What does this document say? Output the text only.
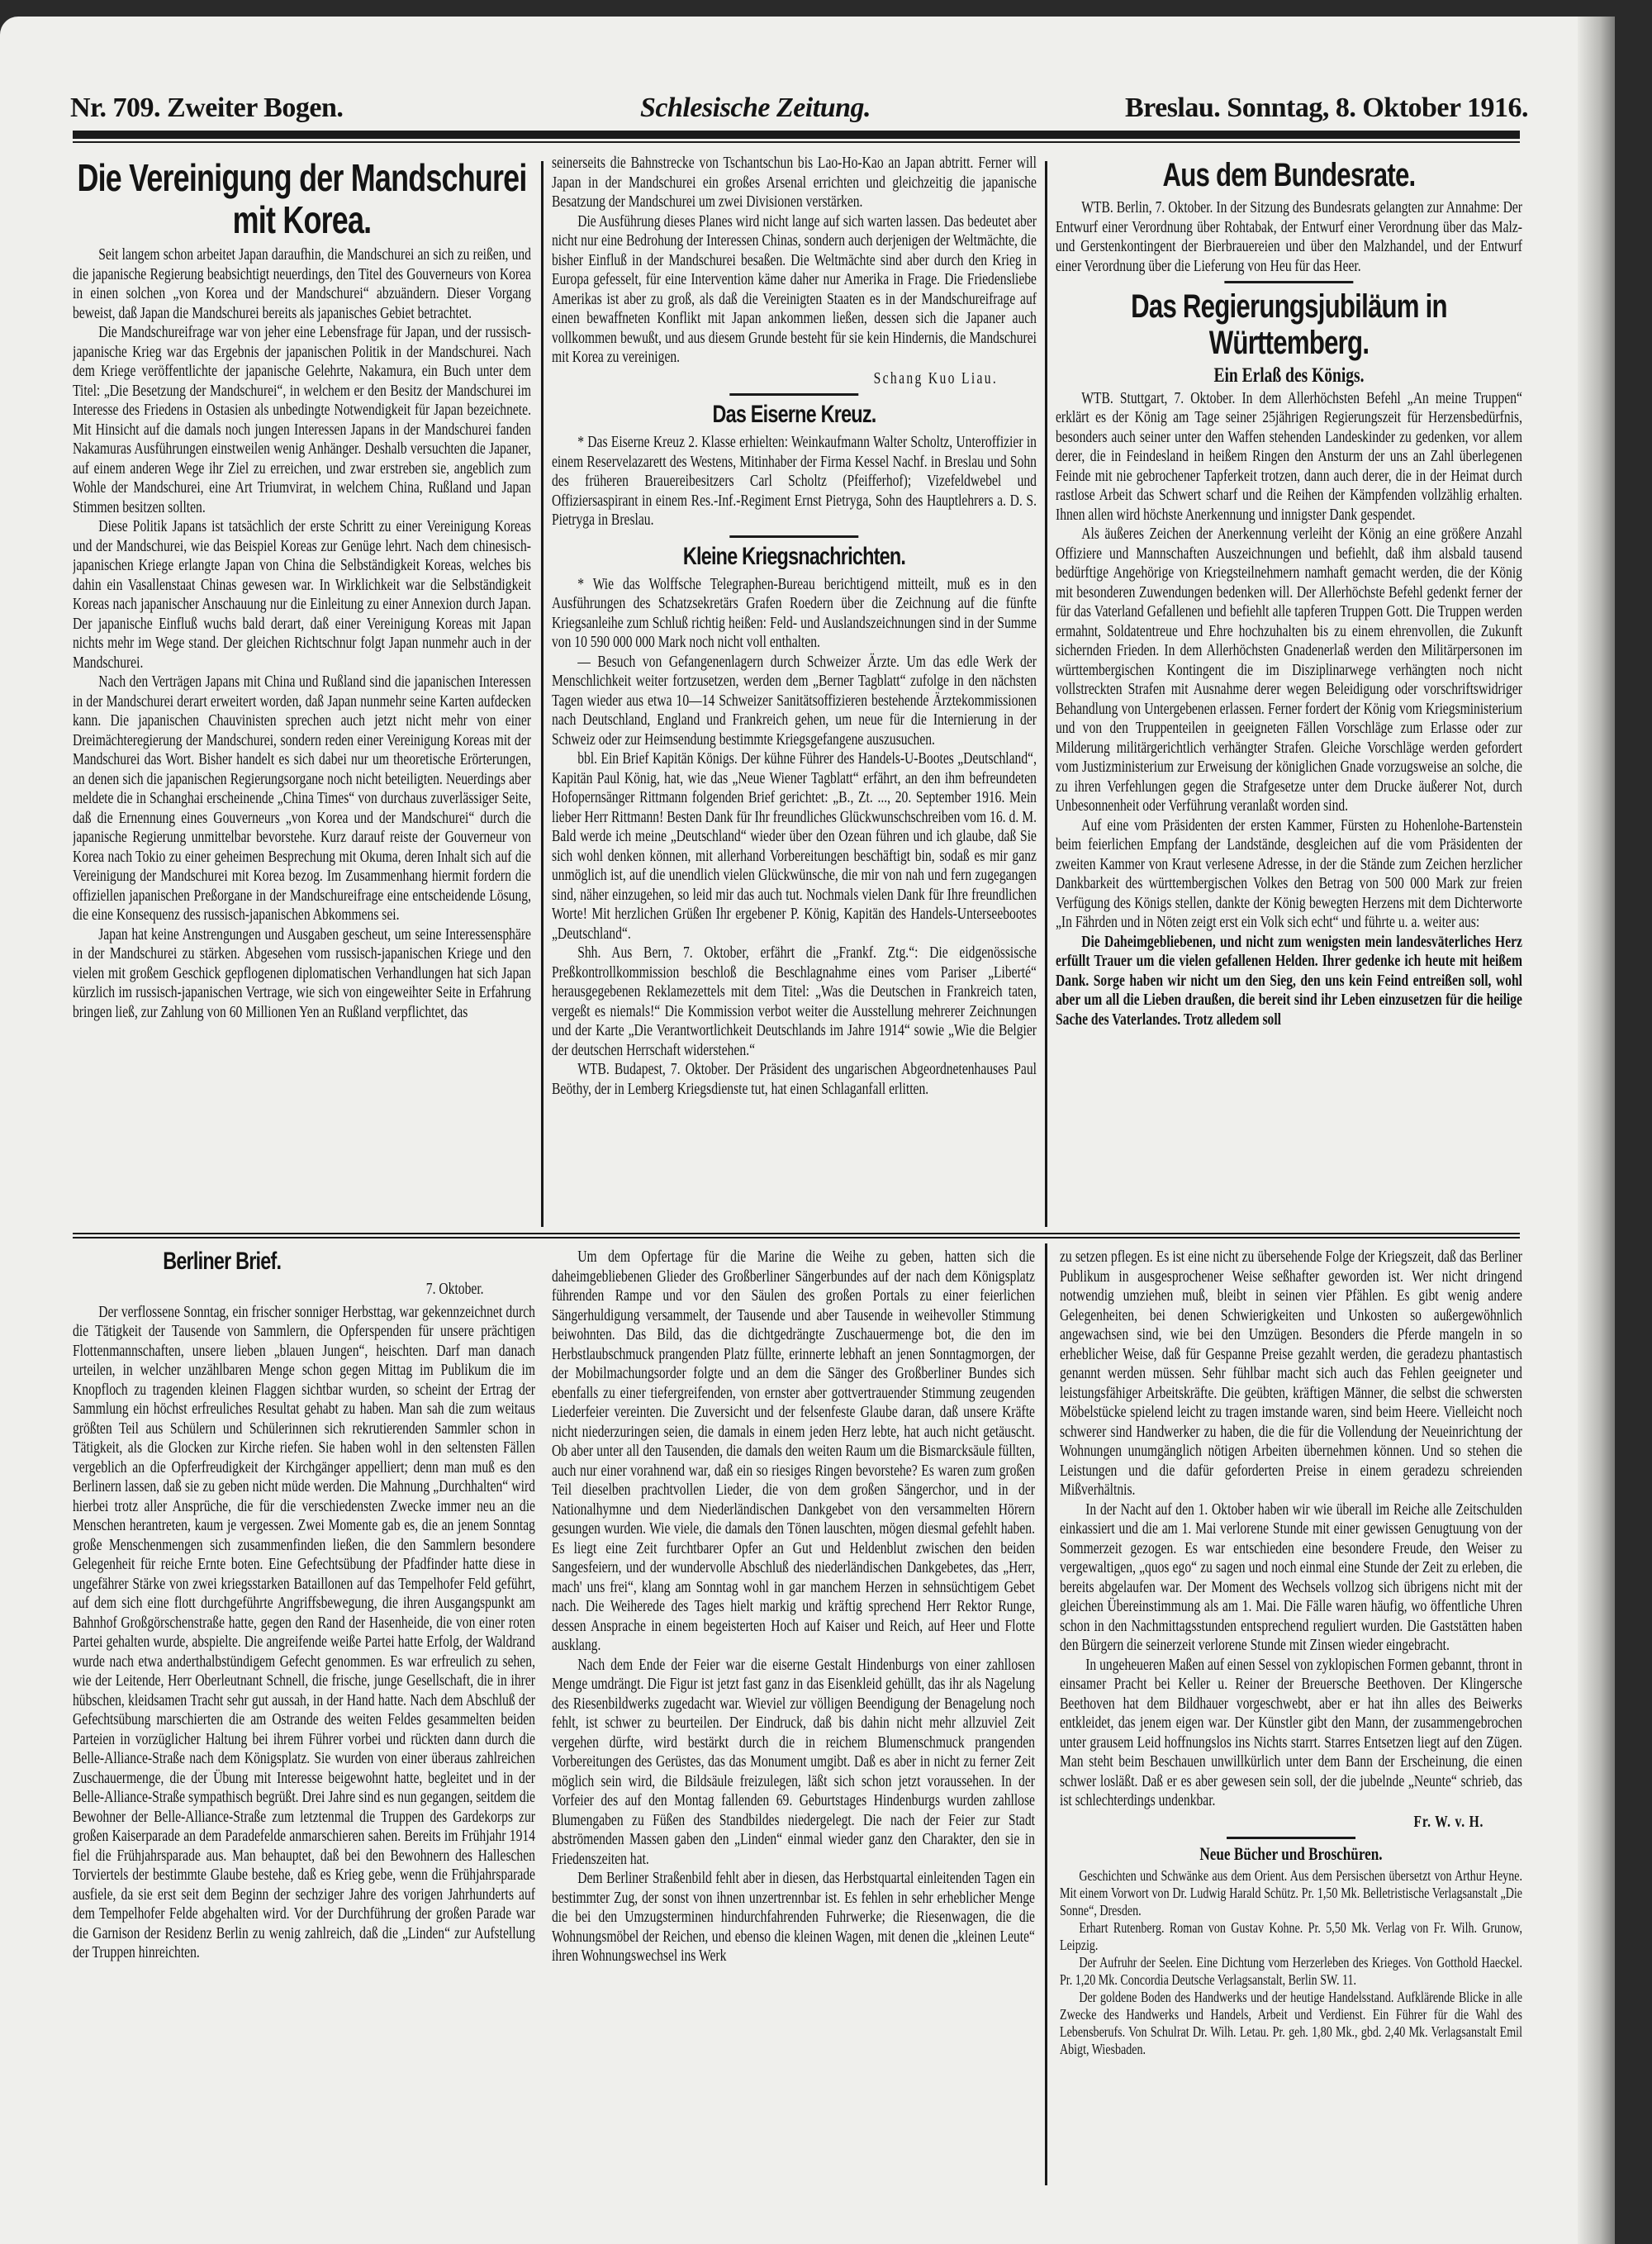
Nr. 709. Zweiter Bogen.	Schlesische Zeitung.	Breslau. Sonntag, 8. Oktober 1916.
Die Vereinigung der Mandschurei mit Korea.

Seit langem schon arbeitet Japan daraufhin, die Mandschurei an sich zu reißen, und die japanische Regierung beabsichtigt neuerdings, den Titel des Gouverneurs von Korea in einen solchen „von Korea und der Mandschurei“ abzuändern. Dieser Vorgang beweist, daß Japan die Mandschurei bereits als japanisches Gebiet betrachtet.

Die Mandschureifrage war von jeher eine Lebensfrage für Japan, und der russisch-japanische Krieg war das Ergebnis der japanischen Politik in der Mandschurei. Nach dem Kriege veröffentlichte der japanische Gelehrte, Nakamura, ein Buch unter dem Titel: „Die Besetzung der Mandschurei“, in welchem er den Besitz der Mandschurei im Interesse des Friedens in Ostasien als unbedingte Notwendigkeit für Japan bezeichnete. Mit Hinsicht auf die damals noch jungen Interessen Japans in der Mandschurei fanden Nakamuras Ausführungen einstweilen wenig Anhänger. Deshalb versuchten die Japaner, auf einem anderen Wege ihr Ziel zu erreichen, und zwar erstreben sie, angeblich zum Wohle der Mandschurei, eine Art Triumvirat, in welchem China, Rußland und Japan Stimmen besitzen sollten.

Diese Politik Japans ist tatsächlich der erste Schritt zu einer Vereinigung Koreas und der Mandschurei, wie das Beispiel Koreas zur Genüge lehrt. Nach dem chinesisch-japanischen Kriege erlangte Japan von China die Selbständigkeit Koreas, welches bis dahin ein Vasallenstaat Chinas gewesen war. In Wirklichkeit war die Selbständigkeit Koreas nach japanischer Anschauung nur die Einleitung zu einer Annexion durch Japan. Der japanische Einfluß wuchs bald derart, daß einer Vereinigung Koreas mit Japan nichts mehr im Wege stand. Der gleichen Richtschnur folgt Japan nunmehr auch in der Mandschurei.

Nach den Verträgen Japans mit China und Rußland sind die japanischen Interessen in der Mandschurei derart erweitert worden, daß Japan nunmehr seine Karten aufdecken kann. Die japanischen Chauvinisten sprechen auch jetzt nicht mehr von einer Dreimächteregierung der Mandschurei, sondern reden einer Vereinigung Koreas mit der Mandschurei das Wort. Bisher handelt es sich dabei nur um theoretische Erörterungen, an denen sich die japanischen Regierungsorgane noch nicht beteiligten. Neuerdings aber meldete die in Schanghai erscheinende „China Times“ von durchaus zuverlässiger Seite, daß die Ernennung eines Gouverneurs „von Korea und der Mandschurei“ durch die japanische Regierung unmittelbar bevorstehe. Kurz darauf reiste der Gouverneur von Korea nach Tokio zu einer geheimen Besprechung mit Okuma, deren Inhalt sich auf die Vereinigung der Mandschurei mit Korea bezog. Im Zusammenhang hiermit fordern die offiziellen japanischen Preßorgane in der Mandschureifrage eine entscheidende Lösung, die eine Konsequenz des russisch-japanischen Abkommens sei.

Japan hat keine Anstrengungen und Ausgaben gescheut, um seine Interessensphäre in der Mandschurei zu stärken. Abgesehen vom russisch-japanischen Kriege und den vielen mit großem Geschick gepflogenen diplomatischen Verhandlungen hat sich Japan kürzlich im russisch-japanischen Vertrage, wie sich von eingeweihter Seite in Erfahrung bringen ließ, zur Zahlung von 60 Millionen Yen an Rußland verpflichtet, das

seinerseits die Bahnstrecke von Tschantschun bis Lao-Ho-Kao an Japan abtritt. Ferner will Japan in der Mandschurei ein großes Arsenal errichten und gleichzeitig die japanische Besatzung der Mandschurei um zwei Divisionen verstärken.

Die Ausführung dieses Planes wird nicht lange auf sich warten lassen. Das bedeutet aber nicht nur eine Bedrohung der Interessen Chinas, sondern auch derjenigen der Weltmächte, die bisher Einfluß in der Mandschurei besaßen. Die Weltmächte sind aber durch den Krieg in Europa gefesselt, für eine Intervention käme daher nur Amerika in Frage. Die Friedensliebe Amerikas ist aber zu groß, als daß die Vereinigten Staaten es in der Mandschureifrage auf einen bewaffneten Konflikt mit Japan ankommen ließen, dessen sich die Japaner auch vollkommen bewußt, und aus diesem Grunde besteht für sie kein Hindernis, die Mandschurei mit Korea zu vereinigen.

Schang Kuo Liau.
Das Eiserne Kreuz.

* Das Eiserne Kreuz 2. Klasse erhielten: Weinkaufmann Walter Scholtz, Unteroffizier in einem Reservelazarett des Westens, Mitinhaber der Firma Kessel Nachf. in Breslau und Sohn des früheren Brauereibesitzers Carl Scholtz (Pfeifferhof); Vizefeldwebel und Offiziersaspirant in einem Res.-Inf.-Regiment Ernst Pietryga, Sohn des Hauptlehrers a. D. S. Pietryga in Breslau.

Kleine Kriegsnachrichten.

* Wie das Wolffsche Telegraphen-Bureau berichtigend mitteilt, muß es in den Ausführungen des Schatzsekretärs Grafen Roedern über die Zeichnung auf die fünfte Kriegsanleihe zum Schluß richtig heißen: Feld- und Auslandszeichnungen sind in der Summe von 10 590 000 000 Mark noch nicht voll enthalten.

— Besuch von Gefangenenlagern durch Schweizer Ärzte. Um das edle Werk der Menschlichkeit weiter fortzusetzen, werden dem „Berner Tagblatt“ zufolge in den nächsten Tagen wieder aus etwa 10—14 Schweizer Sanitätsoffizieren bestehende Ärztekommissionen nach Deutschland, England und Frankreich gehen, um neue für die Internierung in der Schweiz oder zur Heimsendung bestimmte Kriegsgefangene auszusuchen.

bbl. Ein Brief Kapitän Königs. Der kühne Führer des Handels-U-Bootes „Deutschland“, Kapitän Paul König, hat, wie das „Neue Wiener Tagblatt“ erfährt, an den ihm befreundeten Hofopernsänger Rittmann folgenden Brief gerichtet: „B., Zt. ..., 20. September 1916. Mein lieber Herr Rittmann! Besten Dank für Ihr freundliches Glückwunschschreiben vom 16. d. M. Bald werde ich meine „Deutschland“ wieder über den Ozean führen und ich glaube, daß Sie sich wohl denken können, mit allerhand Vorbereitungen beschäftigt bin, sodaß es mir ganz unmöglich ist, auf die unendlich vielen Glückwünsche, die mir von nah und fern zugegangen sind, näher einzugehen, so leid mir das auch tut. Nochmals vielen Dank für Ihre freundlichen Worte! Mit herzlichen Grüßen Ihr ergebener P. König, Kapitän des Handels-Unterseebootes „Deutschland“.

Shh. Aus Bern, 7. Oktober, erfährt die „Frankf. Ztg.“: Die eidgenössische Preßkontrollkommission beschloß die Beschlagnahme eines vom Pariser „Liberté“ herausgegebenen Reklamezettels mit dem Titel: „Was die Deutschen in Frankreich taten, vergeßt es niemals!“ Die Kommission verbot weiter die Ausstellung mehrerer Zeichnungen und der Karte „Die Verantwortlichkeit Deutschlands im Jahre 1914“ sowie „Wie die Belgier der deutschen Herrschaft widerstehen.“

WTB. Budapest, 7. Oktober. Der Präsident des ungarischen Abgeordnetenhauses Paul Beöthy, der in Lemberg Kriegsdienste tut, hat einen Schlaganfall erlitten.

Aus dem Bundesrate.

WTB. Berlin, 7. Oktober. In der Sitzung des Bundesrats gelangten zur Annahme: Der Entwurf einer Verordnung über Rohtabak, der Entwurf einer Verordnung über das Malz- und Gerstenkontingent der Bierbrauereien und über den Malzhandel, und der Entwurf einer Verordnung über die Lieferung von Heu für das Heer.

Das Regierungsjubiläum in Württemberg.
Ein Erlaß des Königs.

WTB. Stuttgart, 7. Oktober. In dem Allerhöchsten Befehl „An meine Truppen“ erklärt es der König am Tage seiner 25jährigen Regierungszeit für Herzensbedürfnis, besonders auch seiner unter den Waffen stehenden Landeskinder zu gedenken, vor allem derer, die in Feindesland in heißem Ringen den Ansturm der uns an Zahl überlegenen Feinde mit nie gebrochener Tapferkeit trotzen, dann auch derer, die in der Heimat durch rastlose Arbeit das Schwert scharf und die Reihen der Kämpfenden vollzählig erhalten. Ihnen allen wird höchste Anerkennung und innigster Dank gespendet.

Als äußeres Zeichen der Anerkennung verleiht der König an eine größere Anzahl Offiziere und Mannschaften Auszeichnungen und befiehlt, daß ihm alsbald tausend bedürftige Angehörige von Kriegsteilnehmern namhaft gemacht werden, die der König mit besonderen Zuwendungen bedenken will. Der Allerhöchste Befehl gedenkt ferner der für das Vaterland Gefallenen und befiehlt alle tapferen Truppen Gott. Die Truppen werden ermahnt, Soldatentreue und Ehre hochzuhalten bis zu einem ehrenvollen, die Zukunft sichernden Frieden. In dem Allerhöchsten Gnadenerlaß werden den Militärpersonen im württembergischen Kontingent die im Disziplinarwege verhängten noch nicht vollstreckten Strafen mit Ausnahme derer wegen Beleidigung oder vorschriftswidriger Behandlung von Untergebenen erlassen. Ferner fordert der König vom Kriegsministerium und von den Truppenteilen in geeigneten Fällen Vorschläge zum Erlasse oder zur Milderung militärgerichtlich verhängter Strafen. Gleiche Vorschläge werden gefordert vom Justizministerium zur Erweisung der königlichen Gnade vorzugsweise an solche, die zu ihren Verfehlungen gegen die Strafgesetze unter dem Drucke äußerer Not, durch Unbesonnenheit oder Verführung veranlaßt worden sind.

Auf eine vom Präsidenten der ersten Kammer, Fürsten zu Hohenlohe-Bartenstein beim feierlichen Empfang der Landstände, desgleichen auf die vom Präsidenten der zweiten Kammer von Kraut verlesene Adresse, in der die Stände zum Zeichen herzlicher Dankbarkeit des württembergischen Volkes den Betrag von 500 000 Mark zur freien Verfügung des Königs stellen, dankte der König bewegten Herzens mit dem Dichterworte „In Fährden und in Nöten zeigt erst ein Volk sich echt“ und führte u. a. weiter aus:

Die Daheimgebliebenen, und nicht zum wenigsten mein landesväterliches Herz erfüllt Trauer um die vielen gefallenen Helden. Ihrer gedenke ich heute mit heißem Dank. Sorge haben wir nicht um den Sieg, den uns kein Feind entreißen soll, wohl aber um all die Lieben draußen, die bereit sind ihr Leben einzusetzen für die heilige Sache des Vaterlandes. Trotz alledem soll

Berliner Brief.
7. Oktober.

Der verflossene Sonntag, ein frischer sonniger Herbsttag, war gekennzeichnet durch die Tätigkeit der Tausende von Sammlern, die Opferspenden für unsere prächtigen Flottenmannschaften, unsere lieben „blauen Jungen“, heischten. Darf man danach urteilen, in welcher unzählbaren Menge schon gegen Mittag im Publikum die im Knopfloch zu tragenden kleinen Flaggen sichtbar wurden, so scheint der Ertrag der Sammlung ein höchst erfreuliches Resultat gehabt zu haben. Man sah die zum weitaus größten Teil aus Schülern und Schülerinnen sich rekrutierenden Sammler schon in Tätigkeit, als die Glocken zur Kirche riefen. Sie haben wohl in den seltensten Fällen vergeblich an die Opferfreudigkeit der Kirchgänger appelliert; denn man muß es den Berlinern lassen, daß sie zu geben nicht müde werden. Die Mahnung „Durchhalten“ wird hierbei trotz aller Ansprüche, die für die verschiedensten Zwecke immer neu an die Menschen herantreten, kaum je vergessen. Zwei Momente gab es, die an jenem Sonntag große Menschenmengen sich zusammenfinden ließen, die den Sammlern besondere Gelegenheit für reiche Ernte boten. Eine Gefechtsübung der Pfadfinder hatte diese in ungefährer Stärke von zwei kriegsstarken Bataillonen auf das Tempelhofer Feld geführt, auf dem sich eine flott durchgeführte Angriffsbewegung, die ihren Ausgangspunkt am Bahnhof Großgörschenstraße hatte, gegen den Rand der Hasenheide, die von einer roten Partei gehalten wurde, abspielte. Die angreifende weiße Partei hatte Erfolg, der Waldrand wurde nach etwa anderthalbstündigem Gefecht genommen. Es war erfreulich zu sehen, wie der Leitende, Herr Oberleutnant Schnell, die frische, junge Gesellschaft, die in ihrer hübschen, kleidsamen Tracht sehr gut aussah, in der Hand hatte. Nach dem Abschluß der Gefechtsübung marschierten die am Ostrande des weiten Feldes gesammelten beiden Parteien in vorzüglicher Haltung bei ihrem Führer vorbei und rückten dann durch die Belle-Alliance-Straße nach dem Königsplatz. Sie wurden von einer überaus zahlreichen Zuschauermenge, die der Übung mit Interesse beigewohnt hatte, begleitet und in der Belle-Alliance-Straße sympathisch begrüßt. Drei Jahre sind es nun gegangen, seitdem die Bewohner der Belle-Alliance-Straße zum letztenmal die Truppen des Gardekorps zur großen Kaiserparade an dem Paradefelde anmarschieren sahen. Bereits im Frühjahr 1914 fiel die Frühjahrsparade aus. Man behauptet, daß bei den Bewohnern des Halleschen Torviertels der bestimmte Glaube bestehe, daß es Krieg gebe, wenn die Frühjahrsparade ausfiele, da sie erst seit dem Beginn der sechziger Jahre des vorigen Jahrhunderts auf dem Tempelhofer Felde abgehalten wird. Vor der Durchführung der großen Parade war die Garnison der Residenz Berlin zu wenig zahlreich, daß die „Linden“ zur Aufstellung der Truppen hinreichten.

Um dem Opfertage für die Marine die Weihe zu geben, hatten sich die daheimgebliebenen Glieder des Großberliner Sängerbundes auf der nach dem Königsplatz führenden Rampe und vor den Säulen des großen Portals zu einer feierlichen Sängerhuldigung versammelt, der Tausende und aber Tausende in weihevoller Stimmung beiwohnten. Das Bild, das die dichtgedrängte Zuschauermenge bot, die den im Herbstlaubschmuck prangenden Platz füllte, erinnerte lebhaft an jenen Sonntagmorgen, der der Mobilmachungsorder folgte und an dem die Sänger des Großberliner Bundes sich ebenfalls zu einer tiefergreifenden, von ernster aber gottvertrauender Stimmung zeugenden Liederfeier vereinten. Die Zuversicht und der felsenfeste Glaube daran, daß unsere Kräfte nicht niederzuringen seien, die damals in einem jeden Herz lebte, hat auch nicht getäuscht. Ob aber unter all den Tausenden, die damals den weiten Raum um die Bismarcksäule füllten, auch nur einer vorahnend war, daß ein so riesiges Ringen bevorstehe? Es waren zum großen Teil dieselben prachtvollen Lieder, die von dem großen Sängerchor, und in der Nationalhymne und dem Niederländischen Dankgebet von den versammelten Hörern gesungen wurden. Wie viele, die damals den Tönen lauschten, mögen diesmal gefehlt haben. Es liegt eine Zeit furchtbarer Opfer an Gut und Heldenblut zwischen den beiden Sangesfeiern, und der wundervolle Abschluß des niederländischen Dankgebetes, das „Herr, mach' uns frei“, klang am Sonntag wohl in gar manchem Herzen in sehnsüchtigem Gebet nach. Die Weiherede des Tages hielt markig und kräftig sprechend Herr Rektor Runge, dessen Ansprache in einem begeisterten Hoch auf Kaiser und Reich, auf Heer und Flotte ausklang.

Nach dem Ende der Feier war die eiserne Gestalt Hindenburgs von einer zahllosen Menge umdrängt. Die Figur ist jetzt fast ganz in das Eisenkleid gehüllt, das ihr als Nagelung des Riesenbildwerks zugedacht war. Wieviel zur völligen Beendigung der Benagelung noch fehlt, ist schwer zu beurteilen. Der Eindruck, daß bis dahin nicht mehr allzuviel Zeit vergehen dürfte, wird bestärkt durch die in reichem Blumenschmuck prangenden Vorbereitungen des Gerüstes, das das Monument umgibt. Daß es aber in nicht zu ferner Zeit möglich sein wird, die Bildsäule freizulegen, läßt sich schon jetzt voraussehen. In der Vorfeier des auf den Montag fallenden 69. Geburtstages Hindenburgs wurden zahllose Blumengaben zu Füßen des Standbildes niedergelegt. Die nach der Feier zur Stadt abströmenden Massen gaben den „Linden“ einmal wieder ganz den Charakter, den sie in Friedenszeiten hat.

Dem Berliner Straßenbild fehlt aber in diesen, das Herbstquartal einleitenden Tagen ein bestimmter Zug, der sonst von ihnen unzertrennbar ist. Es fehlen in sehr erheblicher Menge die bei den Umzugsterminen hindurchfahrenden Fuhrwerke; die Riesenwagen, die die Wohnungsmöbel der Reichen, und ebenso die kleinen Wagen, mit denen die „kleinen Leute“ ihren Wohnungswechsel ins Werk

zu setzen pflegen. Es ist eine nicht zu übersehende Folge der Kriegszeit, daß das Berliner Publikum in ausgesprochener Weise seßhafter geworden ist. Wer nicht dringend notwendig umziehen muß, bleibt in seinen vier Pfählen. Es gibt wenig andere Gelegenheiten, bei denen Schwierigkeiten und Unkosten so außergewöhnlich angewachsen sind, wie bei den Umzügen. Besonders die Pferde mangeln in so erheblicher Weise, daß für Gespanne Preise gezahlt werden, die geradezu phantastisch genannt werden müssen. Sehr fühlbar macht sich auch das Fehlen geeigneter und leistungsfähiger Arbeitskräfte. Die geübten, kräftigen Männer, die selbst die schwersten Möbelstücke spielend leicht zu tragen imstande waren, sind beim Heere. Vielleicht noch schwerer sind Handwerker zu haben, die die für die Vollendung der Neueinrichtung der Wohnungen unumgänglich nötigen Arbeiten übernehmen können. Und so stehen die Leistungen und die dafür geforderten Preise in einem geradezu schreienden Mißverhältnis.

In der Nacht auf den 1. Oktober haben wir wie überall im Reiche alle Zeitschulden einkassiert und die am 1. Mai verlorene Stunde mit einer gewissen Genugtuung von der Sommerzeit gezogen. Es war entschieden eine besondere Freude, den Weiser zu vergewaltigen, „quos ego“ zu sagen und noch einmal eine Stunde der Zeit zu erleben, die bereits abgelaufen war. Der Moment des Wechsels vollzog sich übrigens nicht mit der gleichen Übereinstimmung als am 1. Mai. Die Fälle waren häufig, wo öffentliche Uhren schon in den Nachmittagsstunden entsprechend reguliert wurden. Die Gaststätten haben den Bürgern die seinerzeit verlorene Stunde mit Zinsen wieder eingebracht.

In ungeheueren Maßen auf einen Sessel von zyklopischen Formen gebannt, thront in einsamer Pracht bei Keller u. Reiner der Breuersche Beethoven. Der Klingersche Beethoven hat dem Bildhauer vorgeschwebt, aber er hat ihn alles des Beiwerks entkleidet, das jenem eigen war. Der Künstler gibt den Mann, der zusammengebrochen unter grausem Leid hoffnungslos ins Nichts starrt. Starres Entsetzen liegt auf den Zügen. Man steht beim Beschauen unwillkürlich unter dem Bann der Erscheinung, die einen schwer losläßt. Daß er es aber gewesen sein soll, der die jubelnde „Neunte“ schrieb, das ist schlechterdings undenkbar.

Fr. W. v. H.
Neue Bücher und Broschüren.

Geschichten und Schwänke aus dem Orient. Aus dem Persischen übersetzt von Arthur Heyne. Mit einem Vorwort von Dr. Ludwig Harald Schütz. Pr. 1,50 Mk. Belletristische Verlagsanstalt „Die Sonne“, Dresden.

Erhart Rutenberg. Roman von Gustav Kohne. Pr. 5,50 Mk. Verlag von Fr. Wilh. Grunow, Leipzig.

Der Aufruhr der Seelen. Eine Dichtung vom Herzerleben des Krieges. Von Gotthold Haeckel. Pr. 1,20 Mk. Concordia Deutsche Verlagsanstalt, Berlin SW. 11.

Der goldene Boden des Handwerks und der heutige Handelsstand. Aufklärende Blicke in alle Zwecke des Handwerks und Handels, Arbeit und Verdienst. Ein Führer für die Wahl des Lebensberufs. Von Schulrat Dr. Wilh. Letau. Pr. geh. 1,80 Mk., gbd. 2,40 Mk. Verlagsanstalt Emil Abigt, Wiesbaden.
